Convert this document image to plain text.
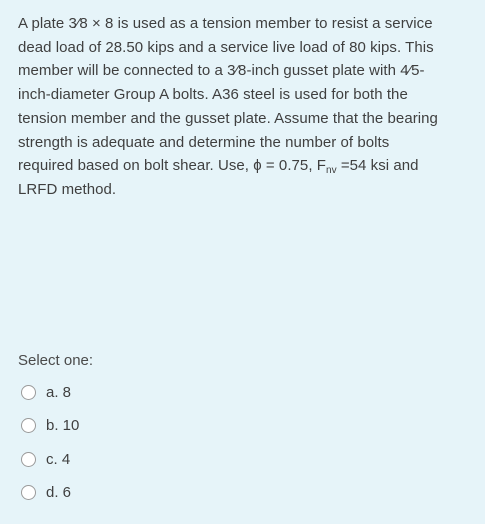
A plate 3⁄8 × 8 is used as a tension member to resist a service
dead load of 28.50 kips and a service live load of 80 kips. This
member will be connected to a 3⁄8-inch gusset plate with 4⁄5-
inch-diameter Group A bolts. A36 steel is used for both the
tension member and the gusset plate. Assume that the bearing
strength is adequate and determine the number of bolts
required based on bolt shear. Use, ϕ = 0.75, $F_{nv} =54$ ksi and
LRFD method.
Select one:
a. 8
b. 10
c. 4
d. 6
